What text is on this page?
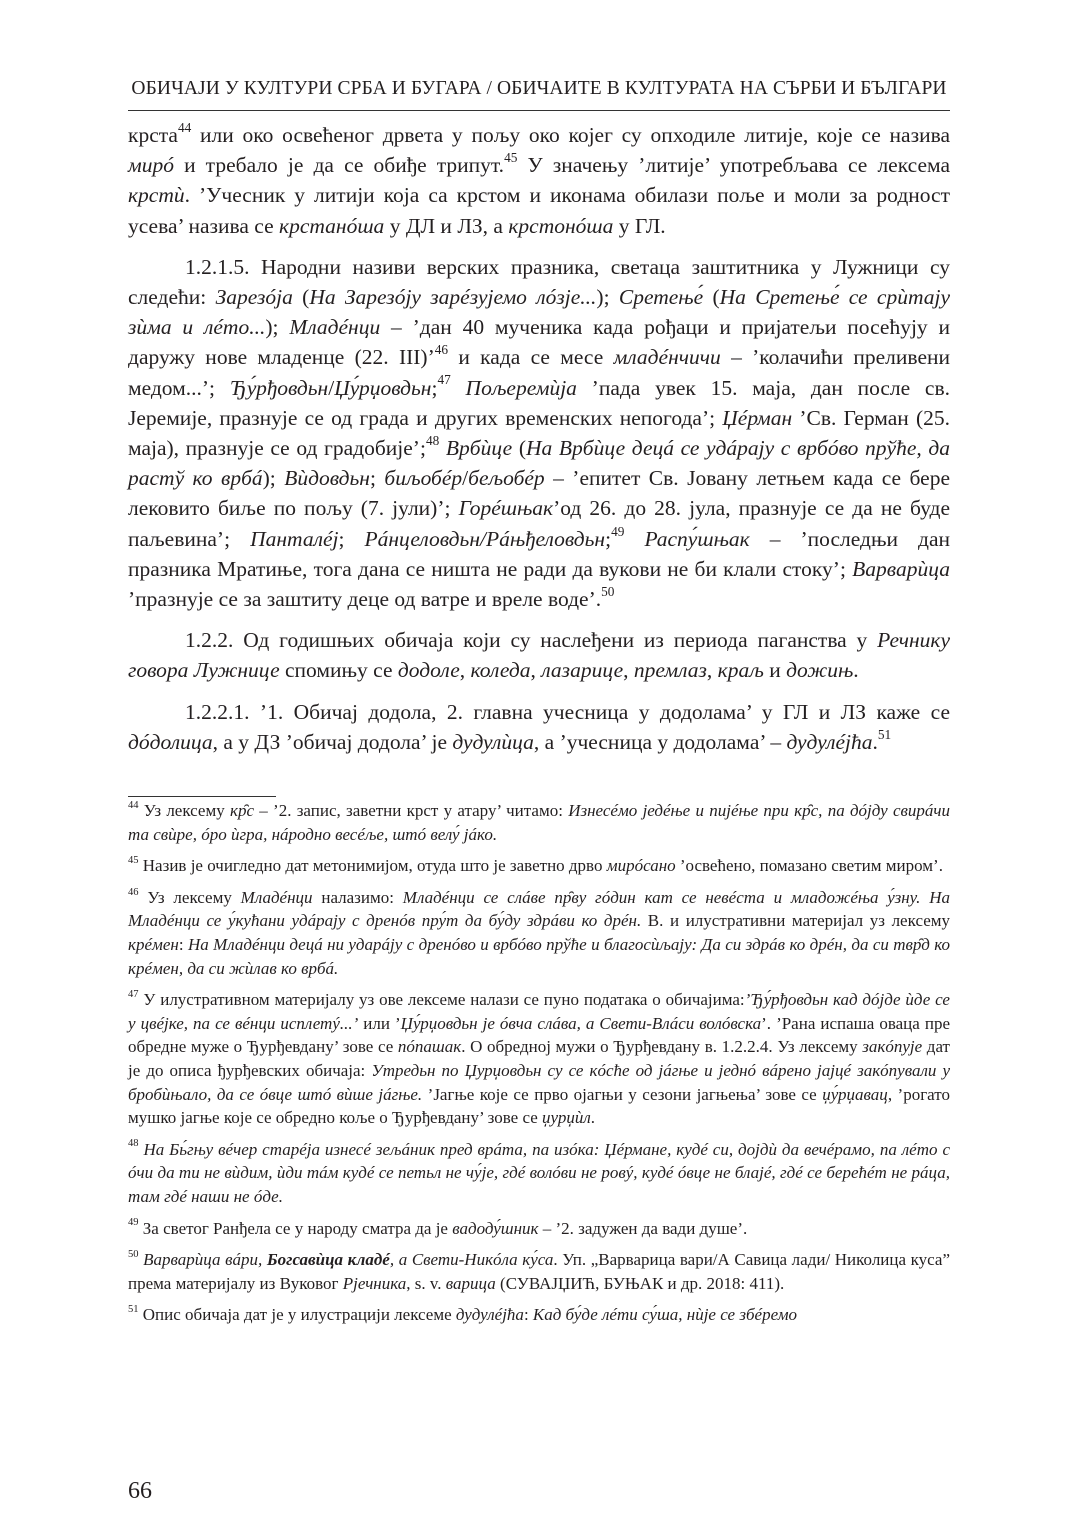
ОБИЧАЈИ У КУЛТУРИ СРБА И БУГАРА / ОБИЧАИТЕ В КУЛТУРАТА НА СЪРБИ И БЪЛГАРИ

крста$^{44}$ или око освећеног дрвета у пољу око којег су опходиле литије, које се назива мирó и требало је да се обиђе трипут.$^{45}$ У значењу ’литије’ употребљава се лексема крстѝ. ’Учесник у литији која са крстом и иконама обилази поље и моли за родност усева’ назива се крстанóша у ДЛ и ЛЗ, а крстонóша у ГЛ.

1.2.1.5. Народни називи верских празника, светаца заштитника у Лужници су следећи: Зарезóја (На Зарезóју зарéзујемо лóзје...); Сретење́ (На Сретење́ се срѝтају зѝма и лéто...); Младéнци – ’дан 40 мученика када рођаци и пријатељи посећују и даружу нове младенце (22. III)’$^{46}$ и када се месе младéнчичи – ’колачићи преливени медом...’; Ђу́рђовдьн/Џу́рџовдьн;$^{47}$ Пољеремѝја ’пада увек 15. маја, дан после св. Јеремије, празнује се од града и других временских непогода’; Џéрман ’Св. Герман (25. маја), празнује се од градобије’;$^{48}$ Врбѝце (На Врбѝце децá се удáрају с врбóво прўће, да растў ко врбá); Вѝдовдьн; биљобéр/бељобéр – ’епитет Св. Јовану летњем када се бере лековито биље по пољу (7. јули)’; Горéшњак’од 26. до 28. јула, празнује се да не буде паљевина’; Панталéј; Рáнцеловдьн/Рáњђеловдьн;$^{49}$ Распу́шњак – ’последњи дан празника Мратиње, тога дана се ништа не ради да вукови не би клали стоку’; Варварѝца ’празнује се за заштиту деце од ватре и вреле воде’.$^{50}$

1.2.2. Од годишњих обичаја који су наслеђени из периода паганства у Речнику говора Лужнице спомињу се додоле, коледа, лазарице, премлаз, краљ и дожињ.

1.2.2.1. ’1. Обичај додола, 2. главна учесница у додоламa’ у ГЛ и ЛЗ каже се дóдолица, а у ДЗ ’обичај додола’ је дудулѝца, а ’учесница у додоламa’ – дудулéјћа.$^{51}$

$^{44}$ Уз лексему кр̑с – ’2. запис, заветни крст у атару’ читамо: Изнесéмо једéње и пијéње при кр̑с, па дóјду свирáчи та свѝре, óро ѝгра, нáродно весéље, штó велу́ јáко.

$^{45}$ Назив је очигледно дат метонимијом, отуда што је заветно дрво мирóсано ’освећено, помазано светим миром’.

$^{46}$ Уз лексему Младéнци налазимо: Младéнци се слáве пр̑ву гóдин кат се невéста и младожéња у́зну. На Младéнци се у́кућани удáрају с дренóв пру́т да бу́ду здрáви ко дрéн. В. и илустративни материјал уз лексему крéмен: На Младéнци децá ни ударáју с дренóво и врбóво прўће и благосѝљају: Да си здрáв ко дрéн, да си твр̑д ко крéмен, да си жѝлав ко врбá.

$^{47}$ У илустративном материјалу уз ове лексеме налази се пуно података о обичајима:’Ђу́рђовдьн кад дóјде ѝде се у цвéјке, па се вéнци исплетý...’ или ’Џу́рџовдьн је óвча слáва, а Свети-Влáси волóвска’. ’Рана испаша оваца пре обредне муже о Ђурђевдану’ зове се пóпашак. О обредној мужи о Ђурђевдану в. 1.2.2.4. Уз лексему закóпује дат је до описа ђурђевских обичаја: Утредьн по Џурџовдьн су се кóсће од јáгње и једнó вáрено јајцé закóпували у бробѝњало, да се óвце штó вѝше јáгње. ’Јагње које се прво ојагњи у сезони јагњења’ зове се џу́рџавац, ’рогато мушко јагње које се обредно коље о Ђурђевдану’ зове се џурџѝл.

$^{48}$ На Бь́гњу вéчер старéја изнесé зељáник пред врáта, па изóка: Џéрмане, кудé си, дојдѝ да вечéрамо, па лéто с óчи да ти не вѝдим, ѝди тáм кудé се петьл не чу́је, гдé волóви не ровý, кудé óвце не блајé, гдé се берећéт не рáца, там гдé наши не óде.

$^{49}$ За светог Ранђела се у народу сматра да је вадоду́шник – ’2. задужен да вади душе’.

$^{50}$ Варварѝца вáри, Богсавѝца кладé, а Свети-Никóла ку́са. Уп. „Варварица вари/А Савица лади/ Николица куса” према материјалу из Вуковог Рјечника, s. v. варица (СУВАЈЏИЋ, БУЊАК и др. 2018: 411).

$^{51}$ Опис обичаја дат је у илустрацији лексеме дудулéјћа: Кад бу́де лéти су́ша, нѝје се збéремо

66
